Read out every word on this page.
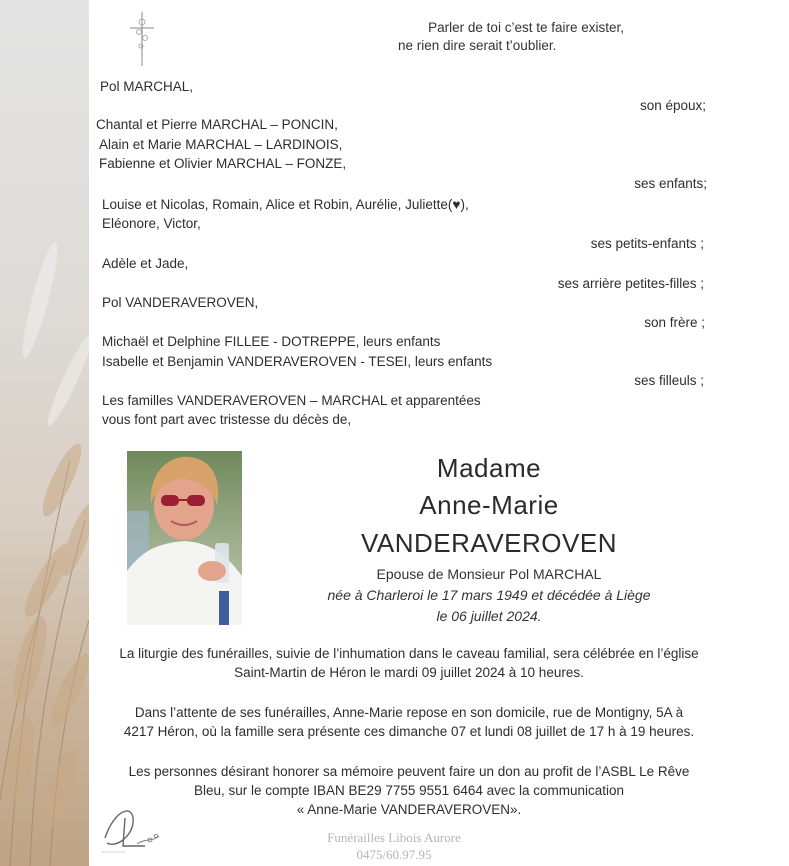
Parler de toi c’est te faire exister,
ne rien dire serait t’oublier.
Pol MARCHAL,
son époux;
Chantal et Pierre MARCHAL – PONCIN,
Alain et Marie MARCHAL – LARDINOIS,
Fabienne et Olivier MARCHAL – FONZE,
ses enfants;
Louise et Nicolas, Romain, Alice et Robin, Aurélie, Juliette(♥),
Eléonore, Victor,
ses petits-enfants ;
Adèle et Jade,
ses arrière petites-filles ;
Pol VANDERAVEROVEN,
son frère ;
Michaël et Delphine FILLEE - DOTREPPE, leurs enfants
Isabelle et Benjamin VANDERAVEROVEN - TESEI, leurs enfants
ses filleuls ;
Les familles VANDERAVEROVEN – MARCHAL et apparentées
vous font part avec tristesse du décès de,
Madame
Anne-Marie
VANDERAVEROVEN
Epouse de Monsieur Pol MARCHAL
née à Charleroi le 17 mars 1949 et décédée à Liège
le 06 juillet 2024.
La liturgie des funérailles, suivie de l’inhumation dans le caveau familial, sera célébrée en l’église
Saint-Martin de Héron le mardi 09 juillet 2024 à 10 heures.
Dans l’attente de ses funérailles, Anne-Marie repose en son domicile, rue de Montigny, 5A à
4217 Héron, où la famille sera présente ces dimanche 07 et lundi 08 juillet de 17 h à 19 heures.
Les personnes désirant honorer sa mémoire peuvent faire un don au profit de l’ASBL Le Rêve
Bleu, sur le compte IBAN BE29 7755 9551 6464 avec la communication
« Anne-Marie VANDERAVEROVEN».
Funérailles Libois Aurore
0475/60.97.95
